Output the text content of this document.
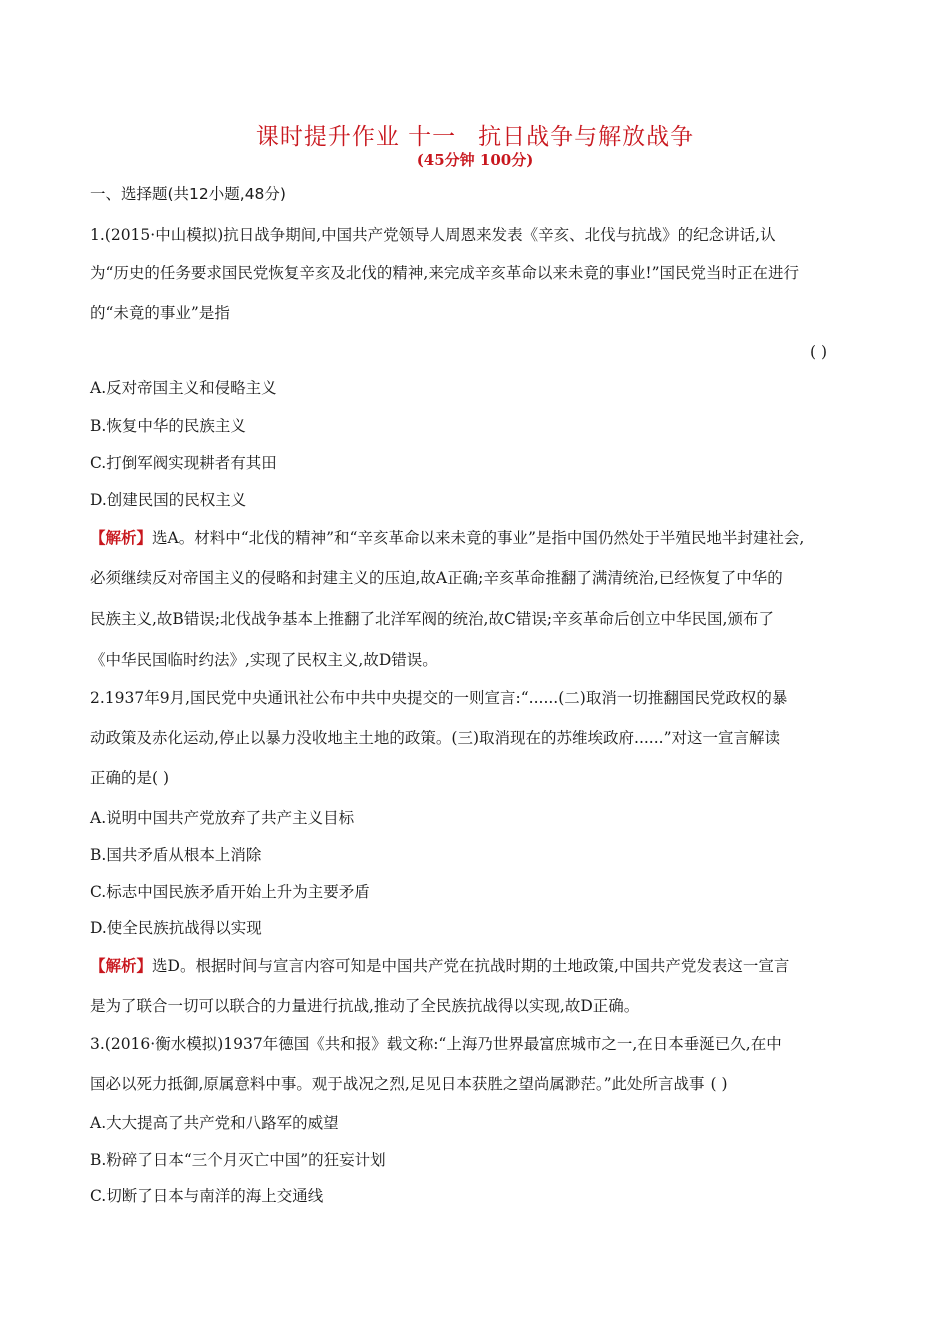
课时提升作业 十一 抗日战争与解放战争
(45分钟 100分)
一、选择题(共12小题,48分)
1.(2015·中山模拟)抗日战争期间,中国共产党领导人周恩来发表《辛亥、北伐与抗战》的纪念讲话,认
为“历史的任务要求国民党恢复辛亥及北伐的精神,来完成辛亥革命以来未竟的事业!”国民党当时正在进行
的“未竟的事业”是指
( )
A.反对帝国主义和侵略主义
B.恢复中华的民族主义
C.打倒军阀实现耕者有其田
D.创建民国的民权主义
【解析】选A。材料中“北伐的精神”和“辛亥革命以来未竟的事业”是指中国仍然处于半殖民地半封建社会,
必须继续反对帝国主义的侵略和封建主义的压迫,故A正确;辛亥革命推翻了满清统治,已经恢复了中华的
民族主义,故B错误;北伐战争基本上推翻了北洋军阀的统治,故C错误;辛亥革命后创立中华民国,颁布了
《中华民国临时约法》,实现了民权主义,故D错误。
2.1937年9月,国民党中央通讯社公布中共中央提交的一则宣言:“......(二)取消一切推翻国民党政权的暴
动政策及赤化运动,停止以暴力没收地主土地的政策。(三)取消现在的苏维埃政府......”对这一宣言解读
正确的是( )
A.说明中国共产党放弃了共产主义目标
B.国共矛盾从根本上消除
C.标志中国民族矛盾开始上升为主要矛盾
D.使全民族抗战得以实现
【解析】选D。根据时间与宣言内容可知是中国共产党在抗战时期的土地政策,中国共产党发表这一宣言
是为了联合一切可以联合的力量进行抗战,推动了全民族抗战得以实现,故D正确。
3.(2016·衡水模拟)1937年德国《共和报》载文称:“上海乃世界最富庶城市之一,在日本垂涎已久,在中
国必以死力抵御,原属意料中事。观于战况之烈,足见日本获胜之望尚属渺茫。”此处所言战事 ( )
A.大大提高了共产党和八路军的威望
B.粉碎了日本“三个月灭亡中国”的狂妄计划
C.切断了日本与南洋的海上交通线
